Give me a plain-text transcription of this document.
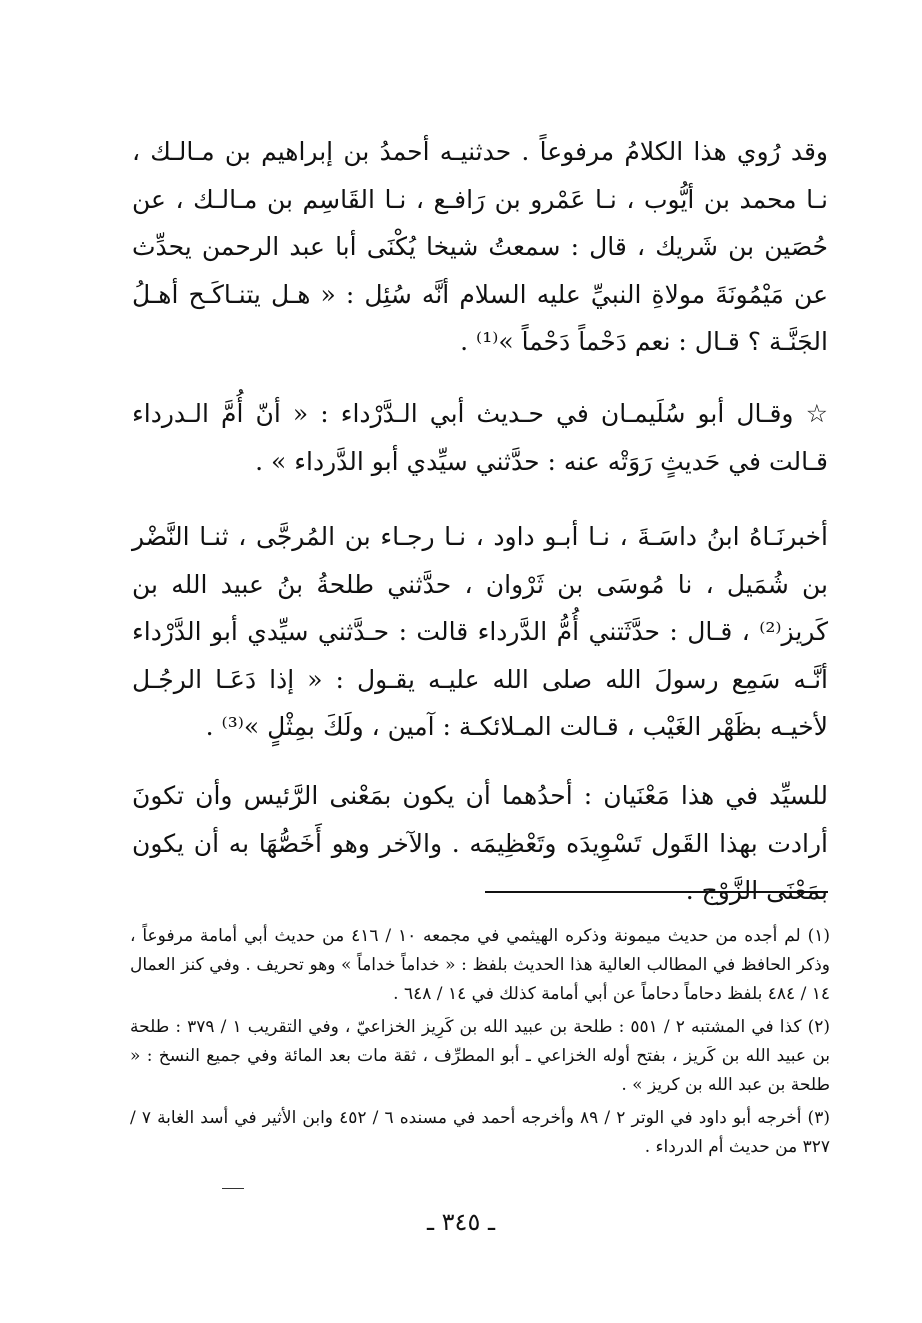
وقد رُوي هذا الكلامُ مرفوعاً . حدثنيـه أحمدُ بن إبراهيم بن مـالـك ، نـا محمد بن أيُّوب ، نـا عَمْرو بن رَافـع ، نـا القَاسِم بن مـالـك ، عن حُصَين بن شَريك ، قال : سمعتُ شيخا يُكْنَى أبا عبد الرحمن يحدِّث عن مَيْمُونَةَ مولاةِ النبيِّ عليه السلام أنَّه سُئِل : « هـل يتنـاكَـح أهـلُ الجَنَّـة ؟ قـال : نعم دَحْماً دَحْماً »⁽¹⁾ .

☆ وقـال أبو سُلَيمـان في حـديث أبي الـدَّرْداء : « أنّ أُمَّ الـدرداء قـالت في حَديثٍ رَوَتْه عنه : حدَّثني سيِّدي أبو الدَّرداء » .

أخبرنَـاهُ ابنُ داسَـةَ ، نـا أبـو داود ، نـا رجـاء بن المُرجَّى ، ثنـا النَّضْر بن شُمَيل ، نا مُوسَى بن ثَرْوان ، حدَّثني طلحةُ بنُ عبيد الله بن كَريز⁽²⁾ ، قـال : حدَّثَتني أُمُّ الدَّرداء قالت : حـدَّثني سيِّدي أبو الدَّرْداء أنَّـه سَمِع رسولَ الله صلى الله عليـه يقـول : « إذا دَعَـا الرجُـل لأخيـه بظَهْر الغَيْب ، قـالت المـلائكـة : آمين ، ولَكَ بمِثْلٍ »⁽³⁾ .

للسيِّد في هذا مَعْنَيان : أحدُهما أن يكون بمَعْنى الرَّئيس وأن تكونَ أرادت بهذا القَول تَسْوِيدَه وتَعْظِيمَه . والآخر وهو أَخَصُّهَا به أن يكون بمَعْنَى الزَّوْج .

(١) لم أجده من حديث ميمونة وذكره الهيثمي في مجمعه ١٠ / ٤١٦ من حديث أبي أمامة مرفوعاً ، وذكر الحافظ في المطالب العالية هذا الحديث بلفظ : « خداماً خداماً » وهو تحريف . وفي كنز العمال ١٤ / ٤٨٤ بلفظ دحاماً دحاماً عن أبي أمامة كذلك في ١٤ / ٦٤٨ .

(٢) كذا في المشتبه ٢ / ٥٥١ : طلحة بن عبيد الله بن كَرِيز الخزاعيّ ، وفي التقريب ١ / ٣٧٩ : طلحة بن عبيد الله بن كَريز ، بفتح أوله الخزاعي ـ أبو المطرِّف ، ثقة مات بعد المائة وفي جميع النسخ : « طلحة بن عبد الله بن كريز » .

(٣) أخرجه أبو داود في الوتر ٢ / ٨٩ وأخرجه أحمد في مسنده ٦ / ٤٥٢ وابن الأثير في أسد الغابة ٧ / ٣٢٧ من حديث أم الدرداء .

ـ ٣٤٥ ـ
